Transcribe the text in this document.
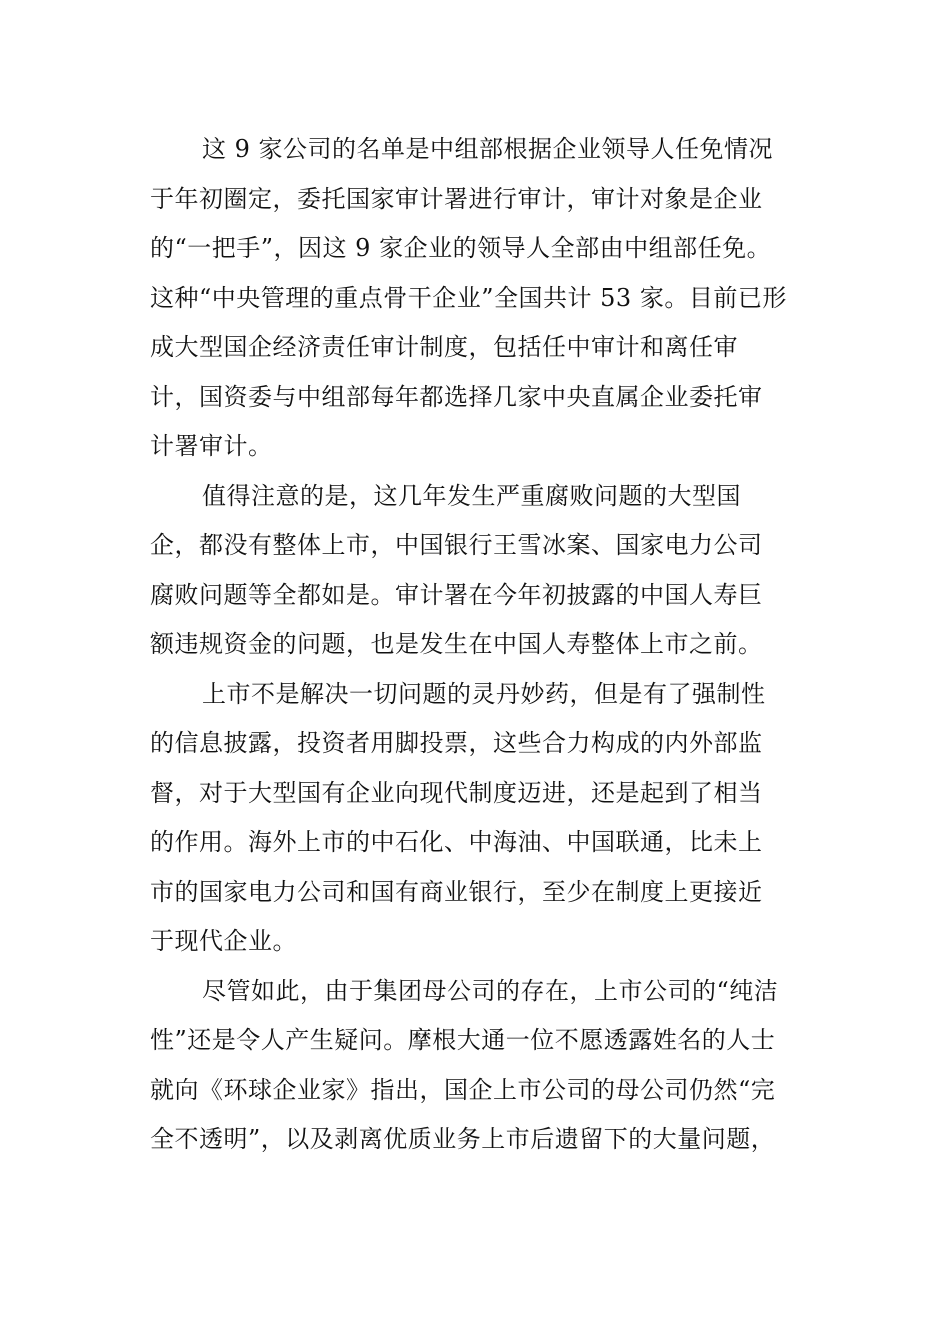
这 9 家公司的名单是中组部根据企业领导人任免情况
于年初圈定，委托国家审计署进行审计，审计对象是企业
的“一把手”，因这 9 家企业的领导人全部由中组部任免。
这种“中央管理的重点骨干企业”全国共计 53 家。目前已形
成大型国企经济责任审计制度，包括任中审计和离任审
计，国资委与中组部每年都选择几家中央直属企业委托审
计署审计。
值得注意的是，这几年发生严重腐败问题的大型国
企，都没有整体上市，中国银行王雪冰案、国家电力公司
腐败问题等全都如是。审计署在今年初披露的中国人寿巨
额违规资金的问题，也是发生在中国人寿整体上市之前。
上市不是解决一切问题的灵丹妙药，但是有了强制性
的信息披露，投资者用脚投票，这些合力构成的内外部监
督，对于大型国有企业向现代制度迈进，还是起到了相当
的作用。海外上市的中石化、中海油、中国联通，比未上
市的国家电力公司和国有商业银行，至少在制度上更接近
于现代企业。
尽管如此，由于集团母公司的存在，上市公司的“纯洁
性”还是令人产生疑问。摩根大通一位不愿透露姓名的人士
就向《环球企业家》指出，国企上市公司的母公司仍然“完
全不透明”，以及剥离优质业务上市后遗留下的大量问题，
